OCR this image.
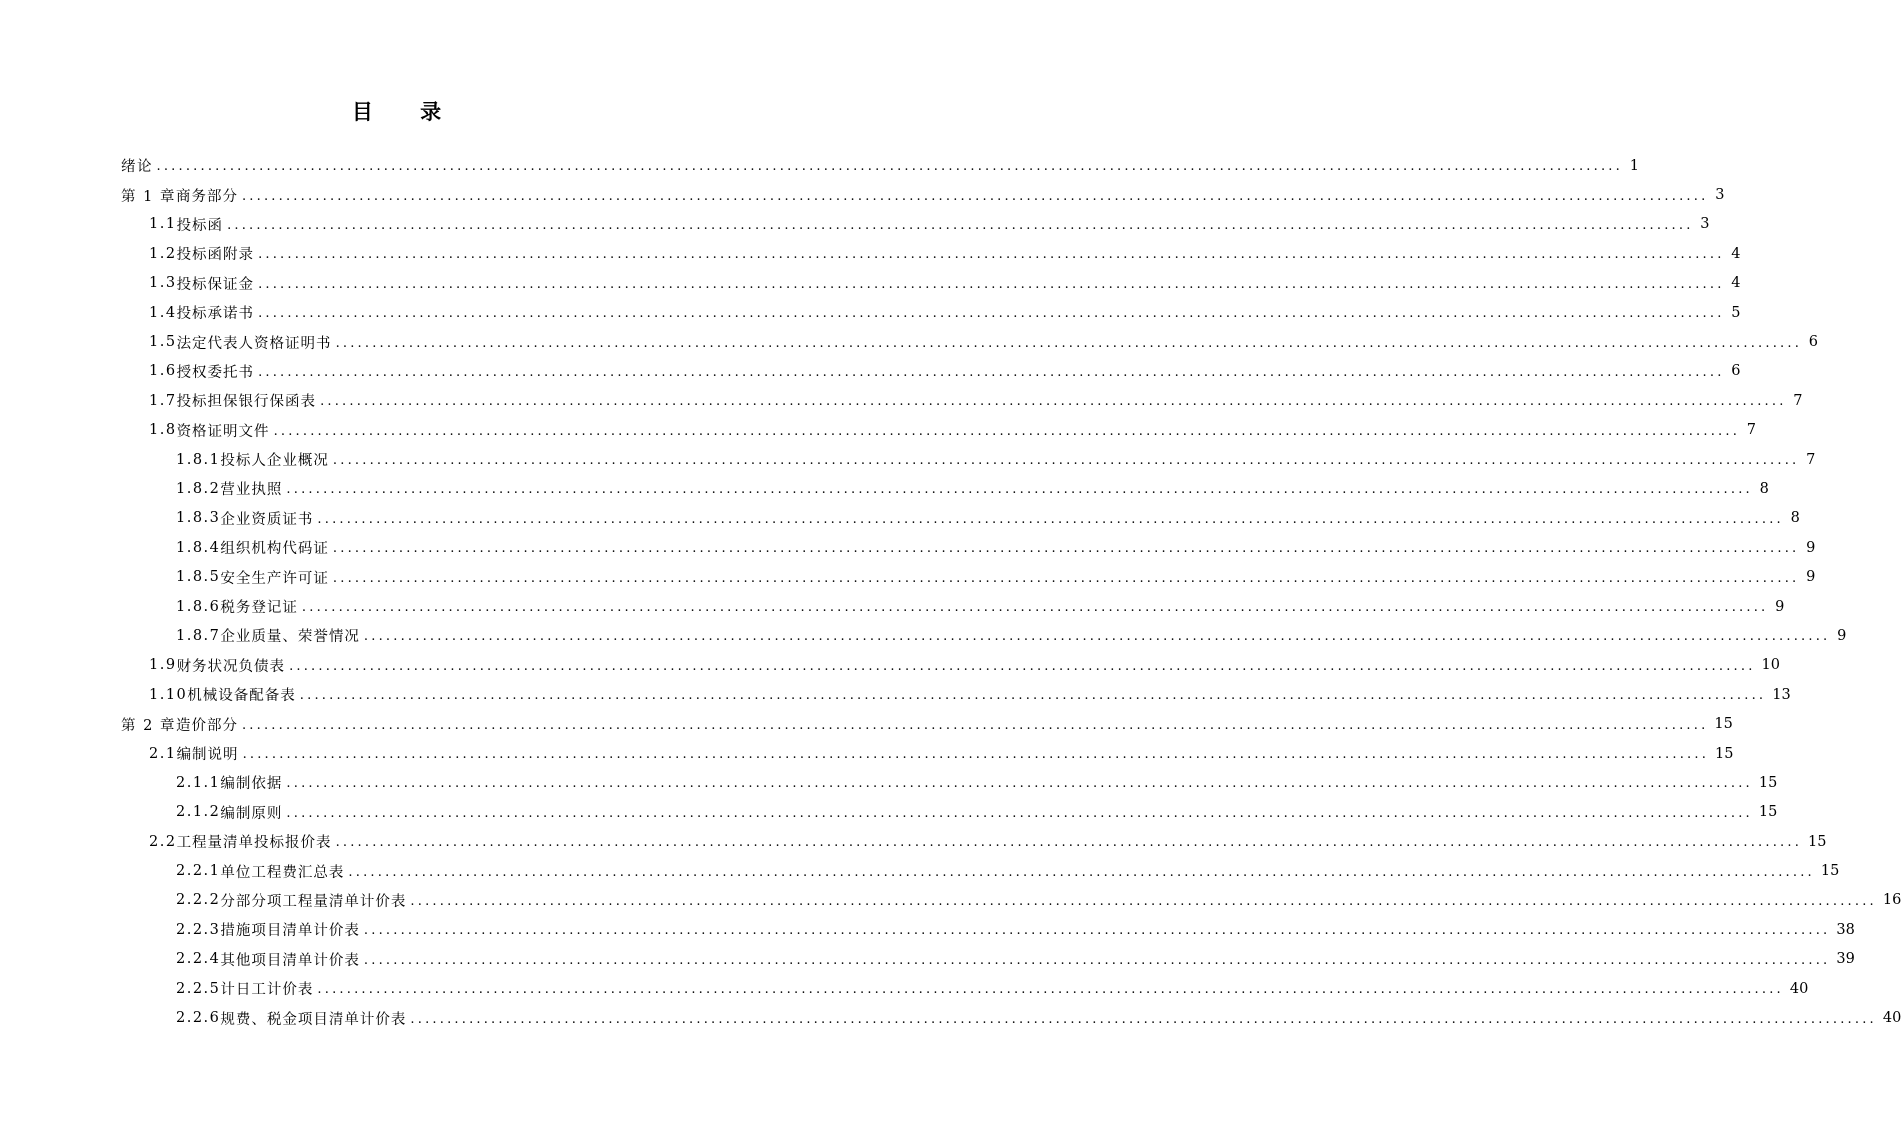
目 录
绪 论 ........................................................................................................................................................................................................ 1
第 1 章 商务部分 ........................................................................................................................................................................................................ 3
1.1 投标函 ........................................................................................................................................................................................................ 3
1.2 投标函附录 ........................................................................................................................................................................................................ 4
1.3 投标保证金 ........................................................................................................................................................................................................ 4
1.4 投标承诺书 ........................................................................................................................................................................................................ 5
1.5 法定代表人资格证明书 ........................................................................................................................................................................................................ 6
1.6 授权委托书 ........................................................................................................................................................................................................ 6
1.7 投标担保银行保函表 ........................................................................................................................................................................................................ 7
1.8 资格证明文件 ........................................................................................................................................................................................................ 7
1.8.1 投标人企业概况 ........................................................................................................................................................................................................ 7
1.8.2 营业执照 ........................................................................................................................................................................................................ 8
1.8.3 企业资质证书 ........................................................................................................................................................................................................ 8
1.8.4 组织机构代码证 ........................................................................................................................................................................................................ 9
1.8.5 安全生产许可证 ........................................................................................................................................................................................................ 9
1.8.6 税务登记证 ........................................................................................................................................................................................................ 9
1.8.7 企业质量、荣誉情况 ........................................................................................................................................................................................................ 9
1.9 财务状况负债表 ........................................................................................................................................................................................................ 10
1.10 机械设备配备表 ........................................................................................................................................................................................................ 13
第 2 章 造价部分 ........................................................................................................................................................................................................ 15
2.1 编制说明 ........................................................................................................................................................................................................ 15
2.1.1 编制依据 ........................................................................................................................................................................................................ 15
2.1.2 编制原则 ........................................................................................................................................................................................................ 15
2.2 工程量清单投标报价表 ........................................................................................................................................................................................................ 15
2.2.1 单位工程费汇总表 ........................................................................................................................................................................................................ 15
2.2.2 分部分项工程量清单计价表 ........................................................................................................................................................................................................ 16
2.2.3 措施项目清单计价表 ........................................................................................................................................................................................................ 38
2.2.4 其他项目清单计价表 ........................................................................................................................................................................................................ 39
2.2.5 计日工计价表 ........................................................................................................................................................................................................ 40
2.2.6 规费、税金项目清单计价表 ........................................................................................................................................................................................................ 40
